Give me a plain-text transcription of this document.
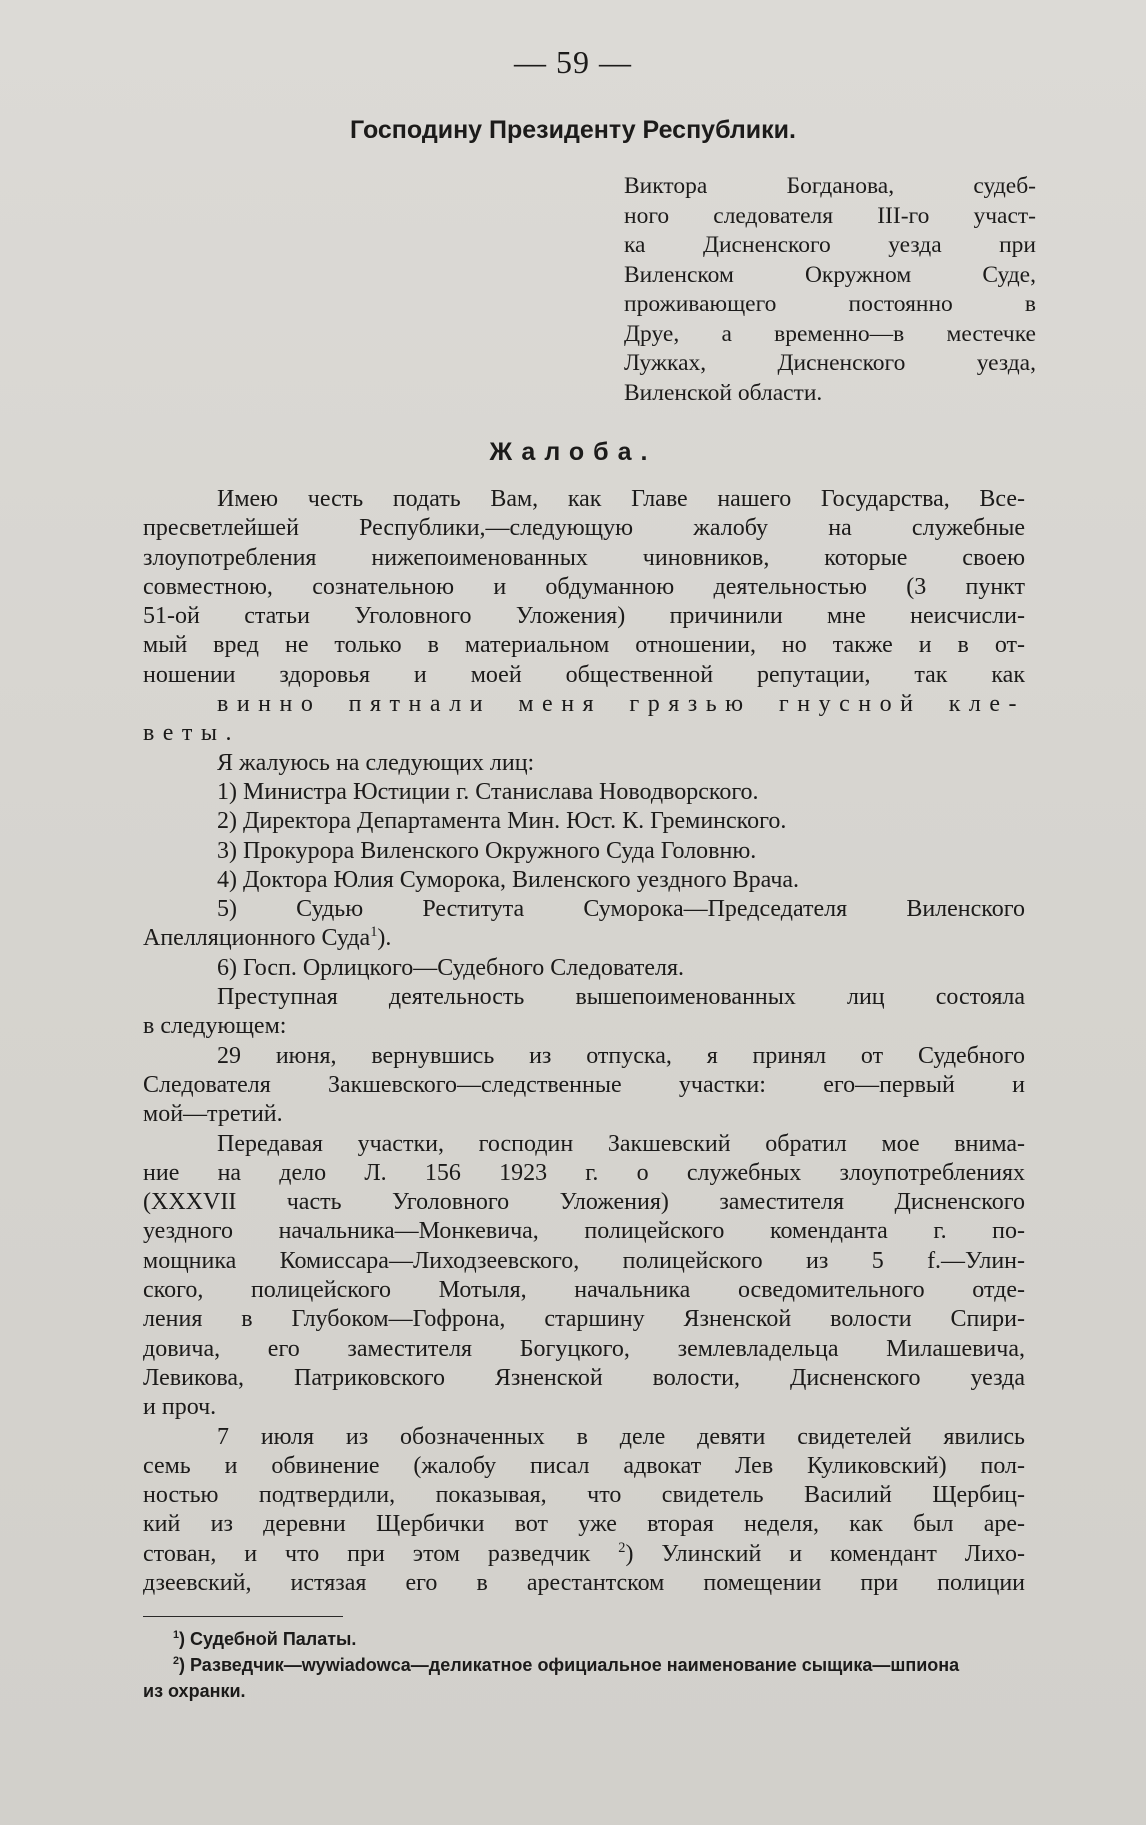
— 59 —
Господину Президенту Республики.
Виктора Богданова, судеб-
ного следователя III-го участ-
ка Дисненского уезда при
Виленском Окружном Суде,
проживающего постоянно в
Друе, а временно—в местечке
Лужках, Дисненского уезда,
Виленской области.
Жалоба.
Имею честь подать Вам, как Главе нашего Государства, Все-
пресветлейшей Республики,—следующую жалобу на служебные
злоупотребления нижепоименованных чиновников, которые своею
совместною, сознательною и обдуманною деятельностью (3 пункт
51-ой статьи Уголовного Уложения) причинили мне неисчисли-
мый вред не только в материальном отношении, но также и в от-
ношении здоровья и моей общественной репутации, так как
винно пятнали меня грязью гнусной кле-
веты.
Я жалуюсь на следующих лиц:
1) Министра Юстиции г. Станислава Новодворского.
2) Директора Департамента Мин. Юст. К. Греминского.
3) Прокурора Виленского Окружного Суда Головню.
4) Доктора Юлия Суморока, Виленского уездного Врача.
5) Судью Реститута Суморока—Председателя Виленского
Апелляционного Суда$^1$).
6) Госп. Орлицкого—Судебного Следователя.
Преступная деятельность вышепоименованных лиц состояла
в следующем:
29 июня, вернувшись из отпуска, я принял от Судебного
Следователя Закшевского—следственные участки: его—первый и
мой—третий.
Передавая участки, господин Закшевский обратил мое внима-
ние на дело Л. 156 1923 г. о служебных злоупотреблениях
(XXXVII часть Уголовного Уложения) заместителя Дисненского
уездного начальника—Монкевича, полицейского коменданта г. по-
мощника Комиссара—Лиходзеевского, полицейского из 5 f.—Улин-
ского, полицейского Мотыля, начальника осведомительного отде-
ления в Глубоком—Гофрона, старшину Язненской волости Спири-
довича, его заместителя Богуцкого, землевладельца Милашевича,
Левикова, Патриковского Язненской волости, Дисненского уезда
и проч.
7 июля из обозначенных в деле девяти свидетелей явились
семь и обвинение (жалобу писал адвокат Лев Куликовский) пол-
ностью подтвердили, показывая, что свидетель Василий Щербиц-
кий из деревни Щербички вот уже вторая неделя, как был аре-
стован, и что при этом разведчик $^2$) Улинский и комендант Лихо-
дзеевский, истязая его в арестантском помещении при полиции
$^1$) Судебной Палаты.
$^2$) Разведчик—wywiadowca—деликатное официальное наименование сыщика—шпиона
из охранки.
